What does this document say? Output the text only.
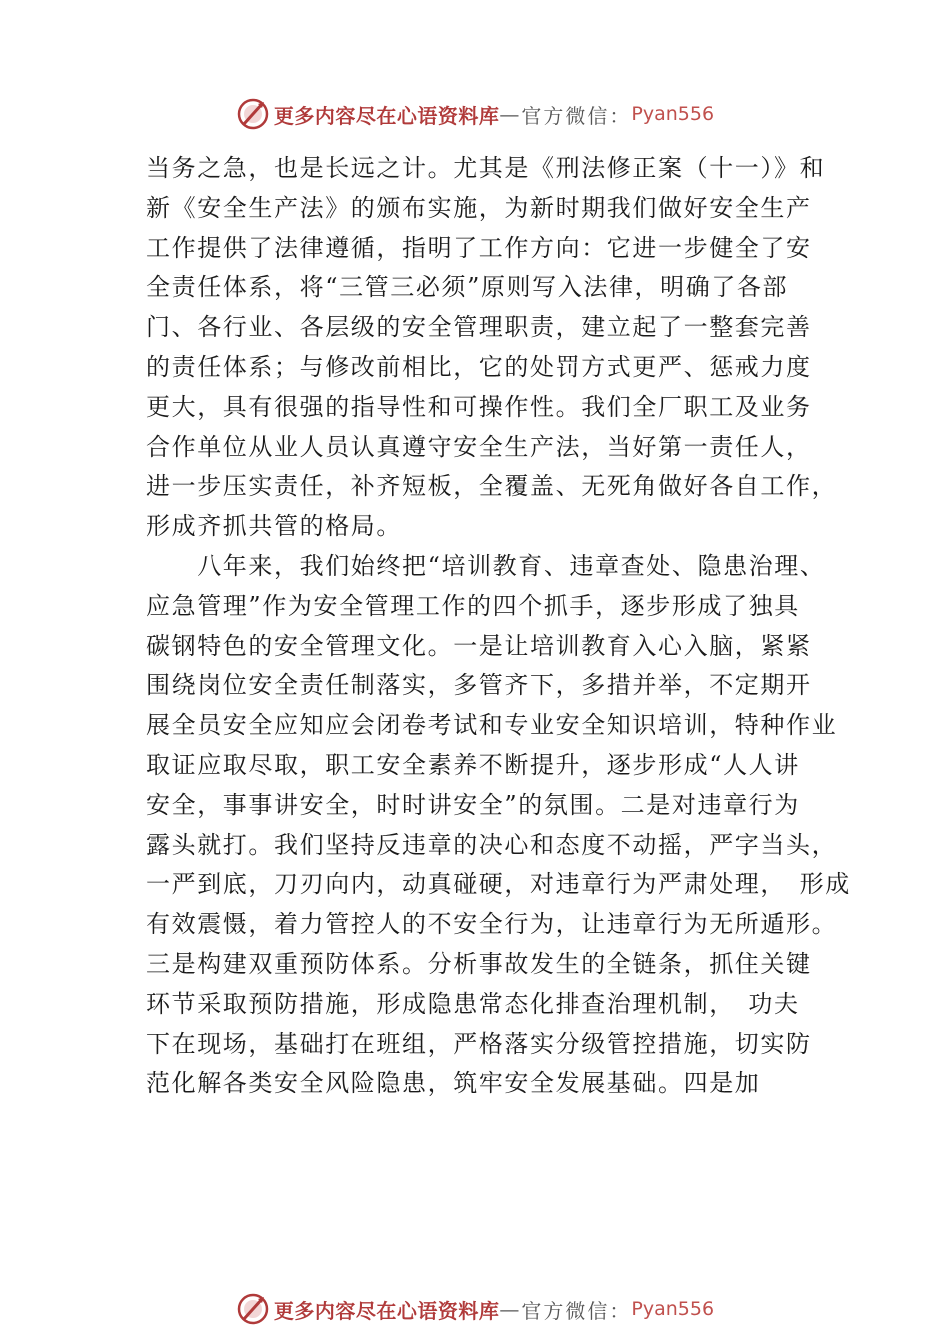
更多内容尽在心语资料库 — 官方微信： Pyan556
当务之急，也是长远之计。尤其是《刑法修正案（十一）》和
新《安全生产法》的颁布实施，为新时期我们做好安全生产
工作提供了法律遵循，指明了工作方向：它进一步健全了安
全责任体系，将“三管三必须”原则写入法律，明确了各部
门、各行业、各层级的安全管理职责，建立起了一整套完善
的责任体系；与修改前相比，它的处罚方式更严、惩戒力度
更大，具有很强的指导性和可操作性。我们全厂职工及业务
合作单位从业人员认真遵守安全生产法，当好第一责任人，
进一步压实责任，补齐短板，全覆盖、无死角做好各自工作，
形成齐抓共管的格局。
　　八年来，我们始终把“培训教育、违章查处、隐患治理、
应急管理”作为安全管理工作的四个抓手，逐步形成了独具
碳钢特色的安全管理文化。一是让培训教育入心入脑，紧紧
围绕岗位安全责任制落实，多管齐下，多措并举，不定期开
展全员安全应知应会闭卷考试和专业安全知识培训，特种作业
取证应取尽取，职工安全素养不断提升，逐步形成“人人讲
安全，事事讲安全，时时讲安全”的氛围。二是对违章行为
露头就打。我们坚持反违章的决心和态度不动摇，严字当头，
一严到底，刀刃向内，动真碰硬，对违章行为严肃处理，　形成
有效震慑，着力管控人的不安全行为，让违章行为无所遁形。
三是构建双重预防体系。分析事故发生的全链条，抓住关键
环节采取预防措施，形成隐患常态化排查治理机制，　功夫
下在现场，基础打在班组，严格落实分级管控措施，切实防
范化解各类安全风险隐患，筑牢安全发展基础。四是加
更多内容尽在心语资料库 — 官方微信： Pyan556
